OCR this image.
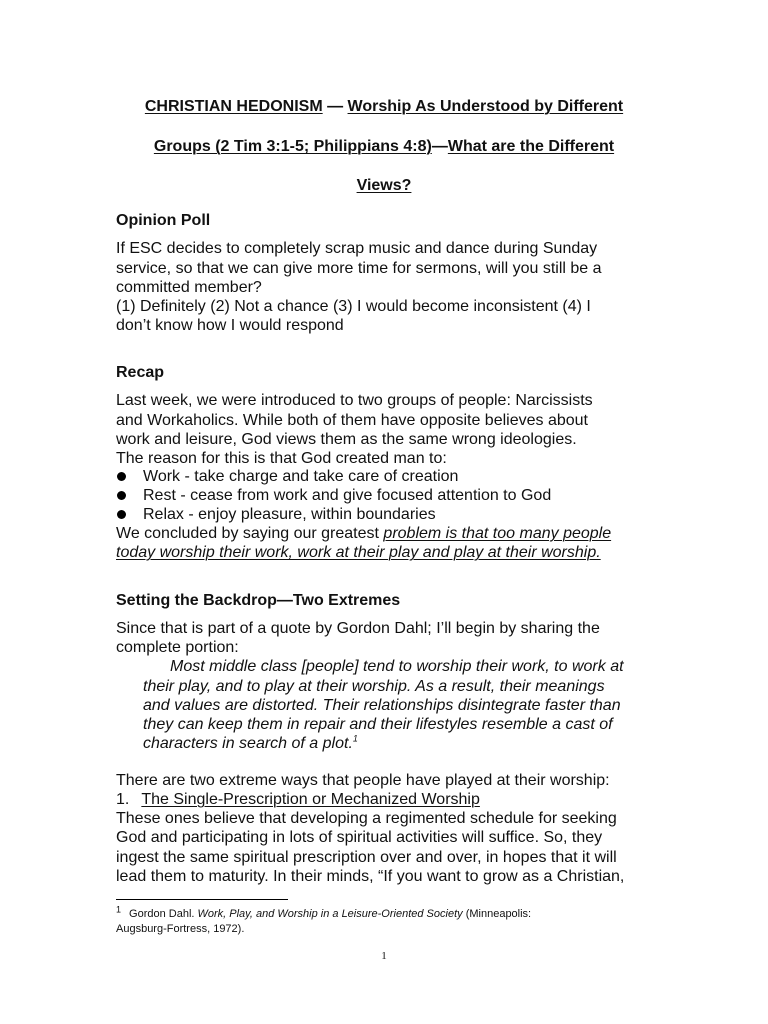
CHRISTIAN HEDONISM — Worship As Understood by Different
Groups (2 Tim 3:1-5; Philippians 4:8)—What are the Different
Views?
Opinion Poll
If ESC decides to completely scrap music and dance during Sunday
service, so that we can give more time for sermons, will you still be a
committed member?
(1) Definitely (2) Not a chance (3) I would become inconsistent (4) I
don’t know how I would respond
Recap
Last week, we were introduced to two groups of people: Narcissists
and Workaholics. While both of them have opposite believes about
work and leisure, God views them as the same wrong ideologies.
The reason for this is that God created man to:
Work - take charge and take care of creation
Rest - cease from work and give focused attention to God
Relax - enjoy pleasure, within boundaries
We concluded by saying our greatest problem is that too many people
today worship their work, work at their play and play at their worship.
Setting the Backdrop—Two Extremes
Since that is part of a quote by Gordon Dahl; I’ll begin by sharing the
complete portion:
Most middle class [people] tend to worship their work, to work at
their play, and to play at their worship. As a result, their meanings
and values are distorted. Their relationships disintegrate faster than
they can keep them in repair and their lifestyles resemble a cast of
characters in search of a plot.$^1$
There are two extreme ways that people have played at their worship:
1. The Single-Prescription or Mechanized Worship
These ones believe that developing a regimented schedule for seeking
God and participating in lots of spiritual activities will suffice. So, they
ingest the same spiritual prescription over and over, in hopes that it will
lead them to maturity. In their minds, “If you want to grow as a Christian,
$^1$ Gordon Dahl. Work, Play, and Worship in a Leisure-Oriented Society (Minneapolis:
Augsburg-Fortress, 1972).
1
